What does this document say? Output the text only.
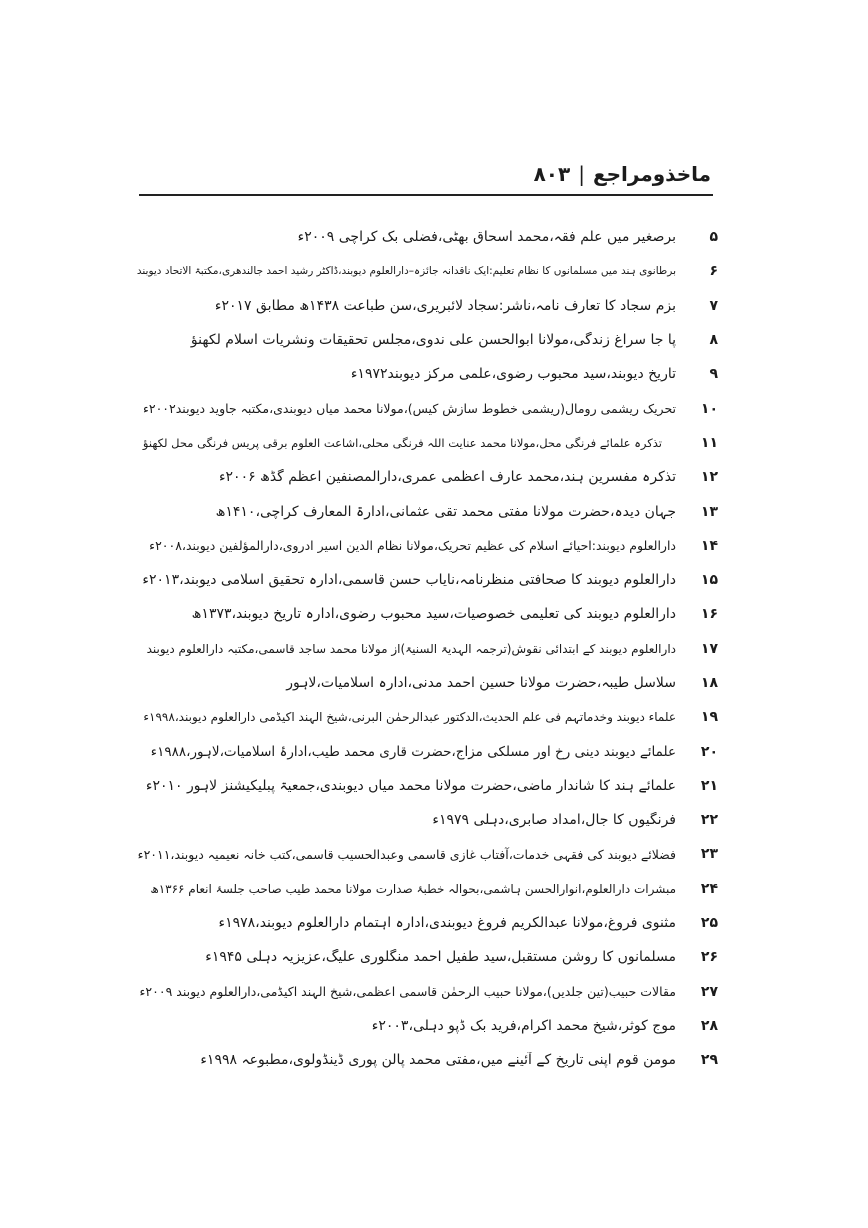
ماخذومراجع|۸۰۳
۵
برصغیر میں علم فقہ،محمد اسحاق بھٹی،فضلی بک کراچی ۲۰۰۹ء
۶
برطانوی ہند میں مسلمانوں کا نظام تعلیم:ایک ناقدانہ جائزہ–دارالعلوم دیوبند،ڈاکٹر رشید احمد جالندھری،مکتبۃ الاتحاد دیوبند
۷
بزم سجاد کا تعارف نامہ،ناشر:سجاد لائبریری،سن طباعت ۱۴۳۸ھ مطابق ۲۰۱۷ء
۸
پا جا سراغ زندگی،مولانا ابوالحسن علی ندوی،مجلس تحقیقات ونشریات اسلام لکھنؤ
۹
تاریخ دیوبند،سید محبوب رضوی،علمی مرکز دیوبند۱۹۷۲ء
۱۰
تحریک ریشمی رومال(ریشمی خطوط سازش کیس)،مولانا محمد میاں دیوبندی،مکتبہ جاوید دیوبند۲۰۰۲ء
۱۱
تذکرہ علمائے فرنگی محل،مولانا محمد عنایت اللہ فرنگی محلی،اشاعت العلوم برقی پریس فرنگی محل لکھنؤ
۱۲
تذکرہ مفسرین ہند،محمد عارف اعظمی عمری،دارالمصنفین اعظم گڈھ ۲۰۰۶ء
۱۳
جہان دیدہ،حضرت مولانا مفتی محمد تقی عثمانی،ادارۃ المعارف کراچی،۱۴۱۰ھ
۱۴
دارالعلوم دیوبند:احیائے اسلام کی عظیم تحریک،مولانا نظام الدین اسیر ادروی،دارالمؤلفین دیوبند،۲۰۰۸ء
۱۵
دارالعلوم دیوبند کا صحافتی منظرنامہ،نایاب حسن قاسمی،ادارہ تحقیق اسلامی دیوبند،۲۰۱۳ء
۱۶
دارالعلوم دیوبند کی تعلیمی خصوصیات،سید محبوب رضوی،ادارہ تاریخ دیوبند،۱۳۷۳ھ
۱۷
دارالعلوم دیوبند کے ابتدائی نقوش(ترجمہ الہدیۃ السنیۃ)از مولانا محمد ساجد قاسمی،مکتبہ دارالعلوم دیوبند
۱۸
سلاسل طیبہ،حضرت مولانا حسین احمد مدنی،ادارہ اسلامیات،لاہور
۱۹
علماء دیوبند وخدماتہم فی علم الحدیث،الدکتور عبدالرحمٰن البرنی،شیخ الہند اکیڈمی دارالعلوم دیوبند،۱۹۹۸ء
۲۰
علمائے دیوبند دینی رخ اور مسلکی مزاج،حضرت قاری محمد طیب،ادارۂ اسلامیات،لاہور،۱۹۸۸ء
۲۱
علمائے ہند کا شاندار ماضی،حضرت مولانا محمد میاں دیوبندی،جمعیۃ پبلیکیشنز لاہور ۲۰۱۰ء
۲۲
فرنگیوں کا جال،امداد صابری،دہلی ۱۹۷۹ء
۲۳
فضلائے دیوبند کی فقہی خدمات،آفتاب غازی قاسمی وعبدالحسیب قاسمی،کتب خانہ نعیمیہ دیوبند،۲۰۱۱ء
۲۴
مبشرات دارالعلوم،انوارالحسن ہاشمی،بحوالہ خطبۂ صدارت مولانا محمد طیب صاحب جلسۂ انعام ۱۳۶۶ھ
۲۵
مثنوی فروغ،مولانا عبدالکریم فروغ دیوبندی،ادارہ اہتمام دارالعلوم دیوبند،۱۹۷۸ء
۲۶
مسلمانوں کا روشن مستقبل،سید طفیل احمد منگلوری علیگ،عزیزیہ دہلی ۱۹۴۵ء
۲۷
مقالات حبیب(تین جلدیں)،مولانا حبیب الرحمٰن قاسمی اعظمی،شیخ الہند اکیڈمی،دارالعلوم دیوبند ۲۰۰۹ء
۲۸
موج کوثر،شیخ محمد اکرام،فرید بک ڈپو دہلی،۲۰۰۳ء
۲۹
مومن قوم اپنی تاریخ کے آئینے میں،مفتی محمد پالن پوری ڈینڈولوی،مطبوعہ ۱۹۹۸ء
